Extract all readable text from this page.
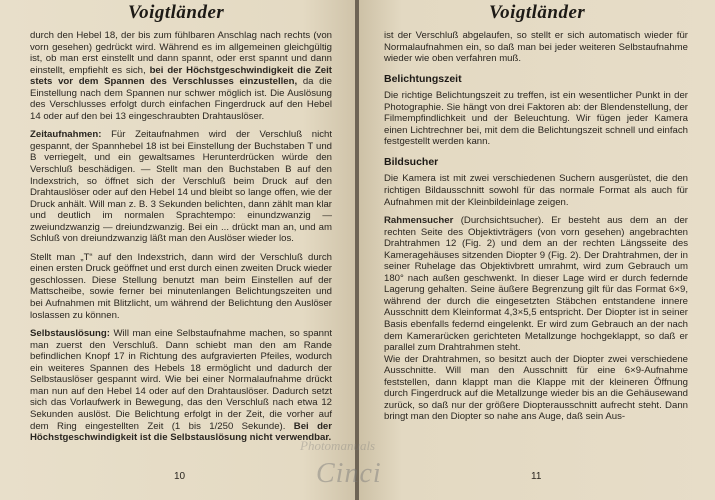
Voigtländer

durch den Hebel 18, der bis zum fühlbaren Anschlag nach rechts (von vorn gesehen) gedrückt wird. Während es im allgemeinen gleichgültig ist, ob man erst einstellt und dann spannt, oder erst spannt und dann einstellt, empfiehlt es sich, bei der Höchstgeschwindigkeit die Zeit stets vor dem Spannen des Verschlusses einzustellen, da die Einstellung nach dem Spannen nur schwer möglich ist. Die Auslösung des Verschlusses erfolgt durch einfachen Fingerdruck auf den Hebel 14 oder auf den bei 13 eingeschraubten Drahtauslöser.

Zeitaufnahmen: Für Zeitaufnahmen wird der Verschluß nicht gespannt, der Spannhebel 18 ist bei Einstellung der Buchstaben T und B verriegelt, und ein gewaltsames Herunterdrücken würde den Verschluß beschädigen. — Stellt man den Buchstaben B auf den Indexstrich, so öffnet sich der Verschluß beim Druck auf den Drahtauslöser oder auf den Hebel 14 und bleibt so lange offen, wie der Druck anhält. Will man z. B. 3 Sekunden belichten, dann zählt man klar und deutlich im normalen Sprachtempo: einundzwanzig — zweiundzwanzig — dreiundzwanzig. Bei ein ... drückt man an, und am Schluß von dreiundzwanzig läßt man den Auslöser wieder los.

Stellt man „T“ auf den Indexstrich, dann wird der Verschluß durch einen ersten Druck geöffnet und erst durch einen zweiten Druck wieder geschlossen. Diese Stellung benutzt man beim Einstellen auf der Mattscheibe, sowie ferner bei minutenlangen Belichtungszeiten und bei Aufnahmen mit Blitzlicht, um während der Belichtung den Auslöser loslassen zu können.

Selbstauslösung: Will man eine Selbstaufnahme machen, so spannt man zuerst den Verschluß. Dann schiebt man den am Rande befindlichen Knopf 17 in Richtung des aufgravierten Pfeiles, wodurch ein weiteres Spannen des Hebels 18 ermöglicht und dadurch der Selbstauslöser gespannt wird. Wie bei einer Normalaufnahme drückt man nun auf den Hebel 14 oder auf den Drahtauslöser. Dadurch setzt sich das Vorlaufwerk in Bewegung, das den Verschluß nach etwa 12 Sekunden auslöst. Die Belichtung erfolgt in der Zeit, die vorher auf dem Ring eingestellten Zeit (1 bis 1/250 Sekunde). Bei der Höchstgeschwindigkeit ist die Selbstauslösung nicht verwendbar.

10
Voigtländer

ist der Verschluß abgelaufen, so stellt er sich automatisch wieder für Normalaufnahmen ein, so daß man bei jeder weiteren Selbstaufnahme wieder wie oben verfahren muß.

Belichtungszeit

Die richtige Belichtungszeit zu treffen, ist ein wesentlicher Punkt in der Photographie. Sie hängt von drei Faktoren ab: der Blendenstellung, der Filmempfindlichkeit und der Beleuchtung. Wir fügen jeder Kamera einen Lichtrechner bei, mit dem die Belichtungszeit schnell und einfach festgestellt werden kann.

Bildsucher

Die Kamera ist mit zwei verschiedenen Suchern ausgerüstet, die den richtigen Bildausschnitt sowohl für das normale Format als auch für Aufnahmen mit der Kleinbildeinlage zeigen.

Rahmensucher (Durchsichtsucher). Er besteht aus dem an der rechten Seite des Objektivträgers (von vorn gesehen) angebrachten Drahtrahmen 12 (Fig. 2) und dem an der rechten Längsseite des Kameragehäuses sitzenden Diopter 9 (Fig. 2). Der Drahtrahmen, der in seiner Ruhelage das Objektivbrett umrahmt, wird zum Gebrauch um 180° nach außen geschwenkt. In dieser Lage wird er durch federnde Lagerung gehalten. Seine äußere Begrenzung gilt für das Format 6×9, während der durch die eingesetzten Stäbchen entstandene innere Ausschnitt dem Kleinformat 4,3×5,5 entspricht. Der Diopter ist in seiner Basis ebenfalls federnd eingelenkt. Er wird zum Gebrauch an der nach dem Kamerarücken gerichteten Metallzunge hochgeklappt, so daß er parallel zum Drahtrahmen steht.

Wie der Drahtrahmen, so besitzt auch der Diopter zwei verschiedene Ausschnitte. Will man den Ausschnitt für eine 6×9-Aufnahme feststellen, dann klappt man die Klappe mit der kleineren Öffnung durch Fingerdruck auf die Metallzunge wieder bis an die Gehäusewand zurück, so daß nur der größere Diopterausschnitt aufrecht steht. Dann bringt man den Diopter so nahe ans Auge, daß sein Aus-

11
Photomanuals
Cinci
